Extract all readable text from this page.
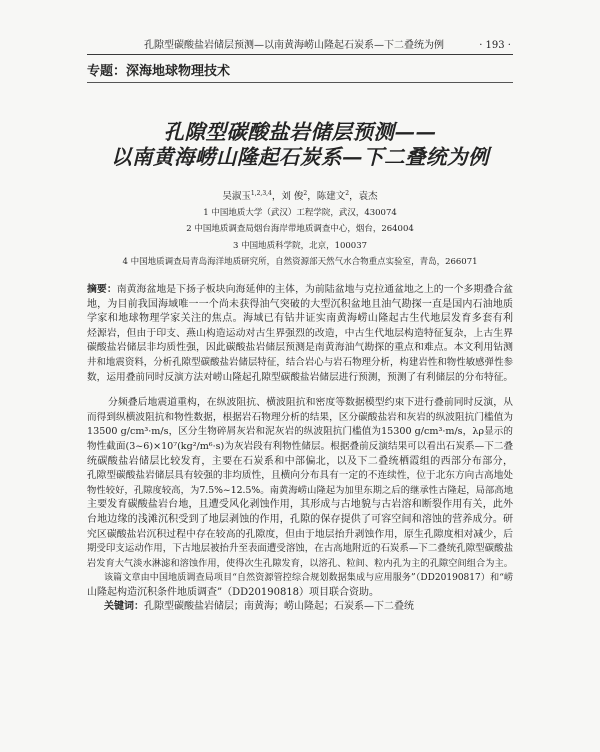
孔隙型碳酸盐岩储层预测—以南黄海崂山隆起石炭系—下二叠统为例	· 193 ·
专题：深海地球物理技术
孔隙型碳酸盐岩储层预测——
以南黄海崂山隆起石炭系—下二叠统为例
吴淑玉$^{1,2,3,4}$，刘 俊$^2$，陈建文$^2$，袁杰
1 中国地质大学（武汉）工程学院，武汉，430074
2 中国地质调查局烟台海岸带地质调查中心，烟台，264004
3 中国地质科学院，北京，100037
4 中国地质调查局青岛海洋地质研究所，自然资源部天然气水合物重点实验室，青岛，266071
摘要：南黄海盆地是下扬子板块向海延伸的主体，为前陆盆地与克拉通盆地之上的一个多期叠合盆
地，为目前我国海域唯一一个尚未获得油气突破的大型沉积盆地且油气勘探一直是国内石油地质
学家和地球物理学家关注的焦点。海域已有钻井证实南黄海崂山隆起古生代地层发育多套有利
烃源岩，但由于印支、燕山构造运动对古生界强烈的改造，中古生代地层构造特征复杂，上古生界
碳酸盐岩储层非均质性强，因此碳酸盐岩储层预测是南黄海油气勘探的重点和难点。本文利用钻测
井和地震资料，分析孔隙型碳酸盐岩储层特征，结合岩心与岩石物理分析，构建岩性和物性敏感弹性参
数，运用叠前同时反演方法对崂山隆起孔隙型碳酸盐岩储层进行预测，预测了有利储层的分布特征。
分频叠后地震道重构，在纵波阻抗、横波阻抗和密度等数据模型约束下进行叠前同时反演，从
而得到纵横波阻抗和物性数据，根据岩石物理分析的结果，区分碳酸盐岩和灰岩的纵波阻抗门槛值为
13500 g/cm³·m/s，区分生物碎屑灰岩和泥灰岩的纵波阻抗门槛值为15300 g/cm³·m/s，λρ显示的
物性截面(3~6)×10⁷(kg²/m⁶·s)为灰岩段有利物性储层。根据叠前反演结果可以看出石炭系—下二叠
统碳酸盐岩储层比较发育，主要在石炭系和中部偏北，以及下二叠统栖霞组的西部分布部分，
孔隙型碳酸盐岩储层具有较强的非均质性，且横向分布具有一定的不连续性，位于北东方向古高地处
物性较好，孔隙度较高，为7.5%~12.5%。南黄海崂山隆起为加里东期之后的继承性古隆起，局部高地
主要发育碳酸盐岩台地，且遭受风化剥蚀作用，其形成与古地貌与古岩溶和断裂作用有关，此外
台地边缘的浅滩沉积受到了地层剥蚀的作用，孔隙的保存提供了可容空间和溶蚀的营养成分。研
究区碳酸盐岩沉积过程中存在较高的孔隙度，但由于地层抬升剥蚀作用，原生孔隙度相对减少，后
期受印支运动作用，下古地层被抬升至表面遭受溶蚀，在古高地附近的石炭系—下二叠统孔隙型碳酸盐
岩发育大气淡水淋滤和溶蚀作用，使得次生孔隙发育，以溶孔、粒间、粒内孔为主的孔隙空间组合为主。
该篇文章由中国地质调查局项目“自然资源管控综合规划数据集成与应用服务”（DD20190817）和“崂
山隆起构造沉积条件地质调查”（DD20190818）项目联合资助。
关键词：孔隙型碳酸盐岩储层；南黄海；崂山隆起；石炭系—下二叠统
